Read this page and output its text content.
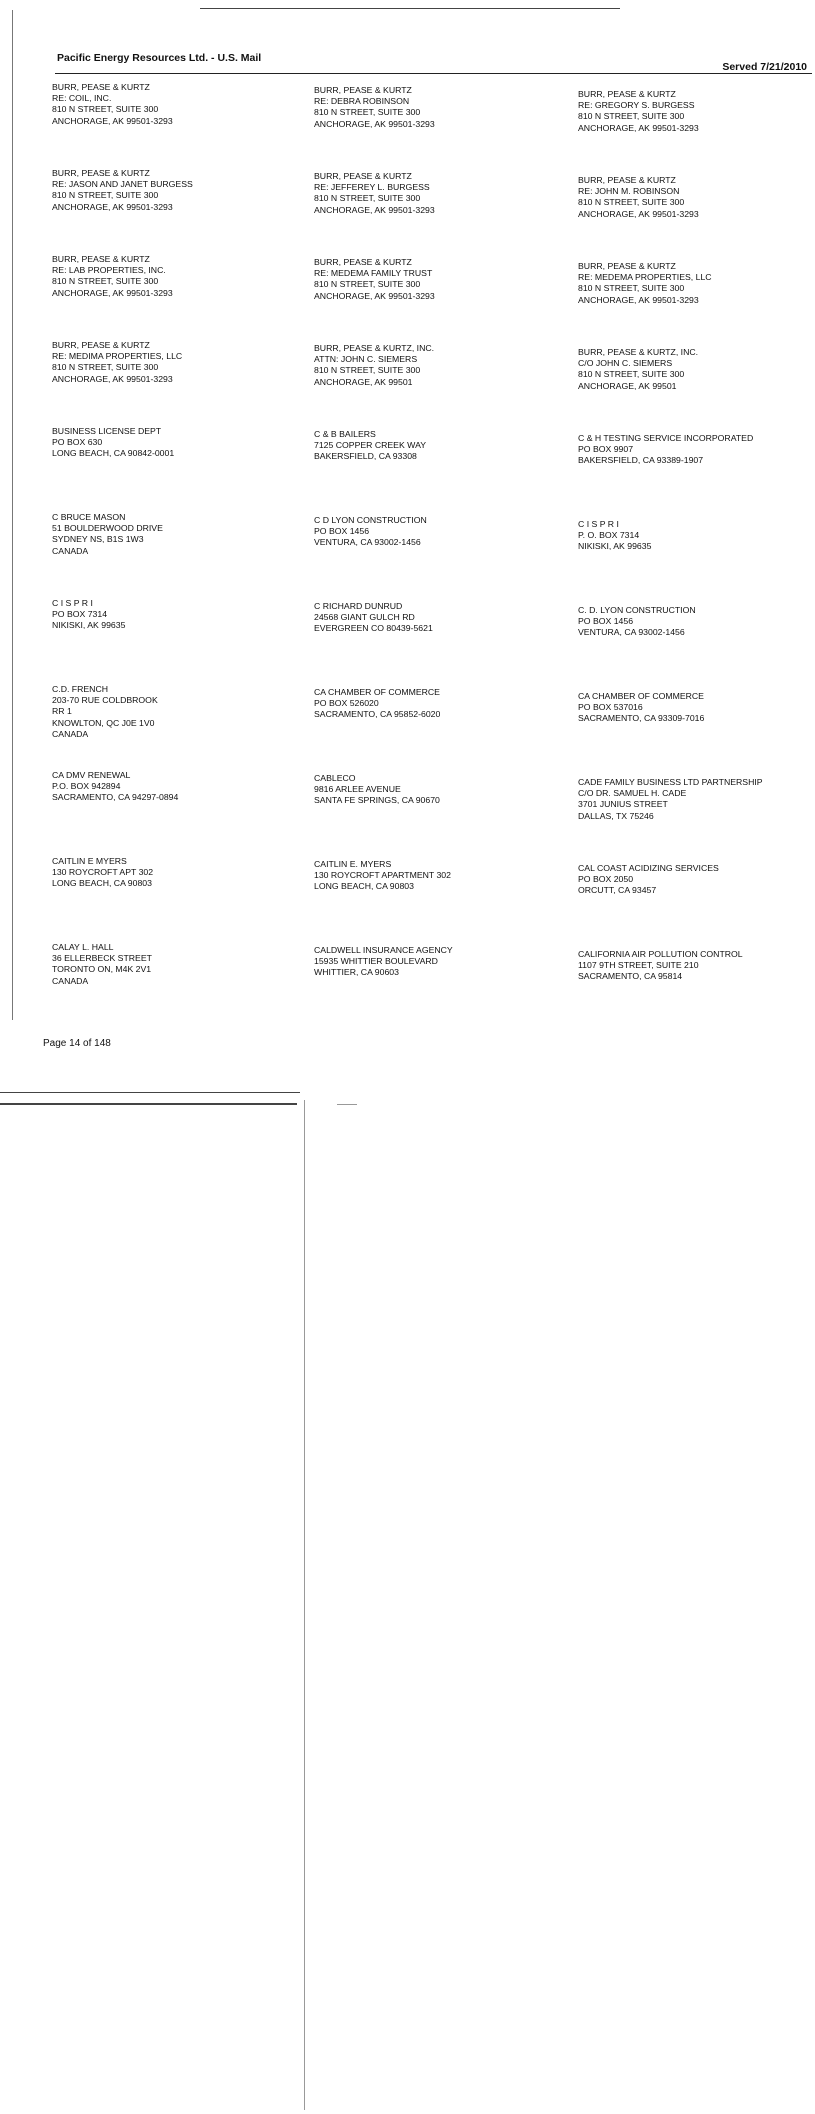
Pacific Energy Resources Ltd. - U.S. Mail
Served 7/21/2010
BURR, PEASE & KURTZ
RE: COIL, INC.
810 N STREET, SUITE 300
ANCHORAGE, AK 99501-3293
BURR, PEASE & KURTZ
RE: DEBRA ROBINSON
810 N STREET, SUITE 300
ANCHORAGE, AK 99501-3293
BURR, PEASE & KURTZ
RE: GREGORY S. BURGESS
810 N STREET, SUITE 300
ANCHORAGE, AK 99501-3293
BURR, PEASE & KURTZ
RE: JASON AND JANET BURGESS
810 N STREET, SUITE 300
ANCHORAGE, AK 99501-3293
BURR, PEASE & KURTZ
RE: JEFFEREY L. BURGESS
810 N STREET, SUITE 300
ANCHORAGE, AK 99501-3293
BURR, PEASE & KURTZ
RE: JOHN M. ROBINSON
810 N STREET, SUITE 300
ANCHORAGE, AK 99501-3293
BURR, PEASE & KURTZ
RE: LAB PROPERTIES, INC.
810 N STREET, SUITE 300
ANCHORAGE, AK 99501-3293
BURR, PEASE & KURTZ
RE: MEDEMA FAMILY TRUST
810 N STREET, SUITE 300
ANCHORAGE, AK 99501-3293
BURR, PEASE & KURTZ
RE: MEDEMA PROPERTIES, LLC
810 N STREET, SUITE 300
ANCHORAGE, AK 99501-3293
BURR, PEASE & KURTZ
RE: MEDIMA PROPERTIES, LLC
810 N STREET, SUITE 300
ANCHORAGE, AK 99501-3293
BURR, PEASE & KURTZ, INC.
ATTN: JOHN C. SIEMERS
810 N STREET, SUITE 300
ANCHORAGE, AK 99501
BURR, PEASE & KURTZ, INC.
C/O JOHN C. SIEMERS
810 N STREET, SUITE 300
ANCHORAGE, AK 99501
BUSINESS LICENSE DEPT
PO BOX 630
LONG BEACH, CA 90842-0001
C & B BAILERS
7125 COPPER CREEK WAY
BAKERSFIELD, CA 93308
C & H TESTING SERVICE INCORPORATED
PO BOX 9907
BAKERSFIELD, CA 93389-1907
C BRUCE MASON
51 BOULDERWOOD DRIVE
SYDNEY NS, B1S 1W3
CANADA
C D LYON CONSTRUCTION
PO BOX 1456
VENTURA, CA 93002-1456
C I S P R I
P. O. BOX 7314
NIKISKI, AK 99635
C I S P R I
PO BOX 7314
NIKISKI, AK 99635
C RICHARD DUNRUD
24568 GIANT GULCH RD
EVERGREEN CO 80439-5621
C. D. LYON CONSTRUCTION
PO BOX 1456
VENTURA, CA 93002-1456
C.D. FRENCH
203-70 RUE COLDBROOK
RR 1
KNOWLTON, QC J0E 1V0
CANADA
CA CHAMBER OF COMMERCE
PO BOX 526020
SACRAMENTO, CA 95852-6020
CA CHAMBER OF COMMERCE
PO BOX 537016
SACRAMENTO, CA 93309-7016
CA DMV RENEWAL
P.O. BOX 942894
SACRAMENTO, CA 94297-0894
CABLECO
9816 ARLEE AVENUE
SANTA FE SPRINGS, CA 90670
CADE FAMILY BUSINESS LTD PARTNERSHIP
C/O DR. SAMUEL H. CADE
3701 JUNIUS STREET
DALLAS, TX 75246
CAITLIN E MYERS
130 ROYCROFT APT 302
LONG BEACH, CA 90803
CAITLIN E. MYERS
130 ROYCROFT APARTMENT 302
LONG BEACH, CA 90803
CAL COAST ACIDIZING SERVICES
PO BOX 2050
ORCUTT, CA 93457
CALAY L. HALL
36 ELLERBECK STREET
TORONTO ON, M4K 2V1
CANADA
CALDWELL INSURANCE AGENCY
15935 WHITTIER BOULEVARD
WHITTIER, CA 90603
CALIFORNIA AIR POLLUTION CONTROL
1107 9TH STREET, SUITE 210
SACRAMENTO, CA 95814
Page 14 of 148
